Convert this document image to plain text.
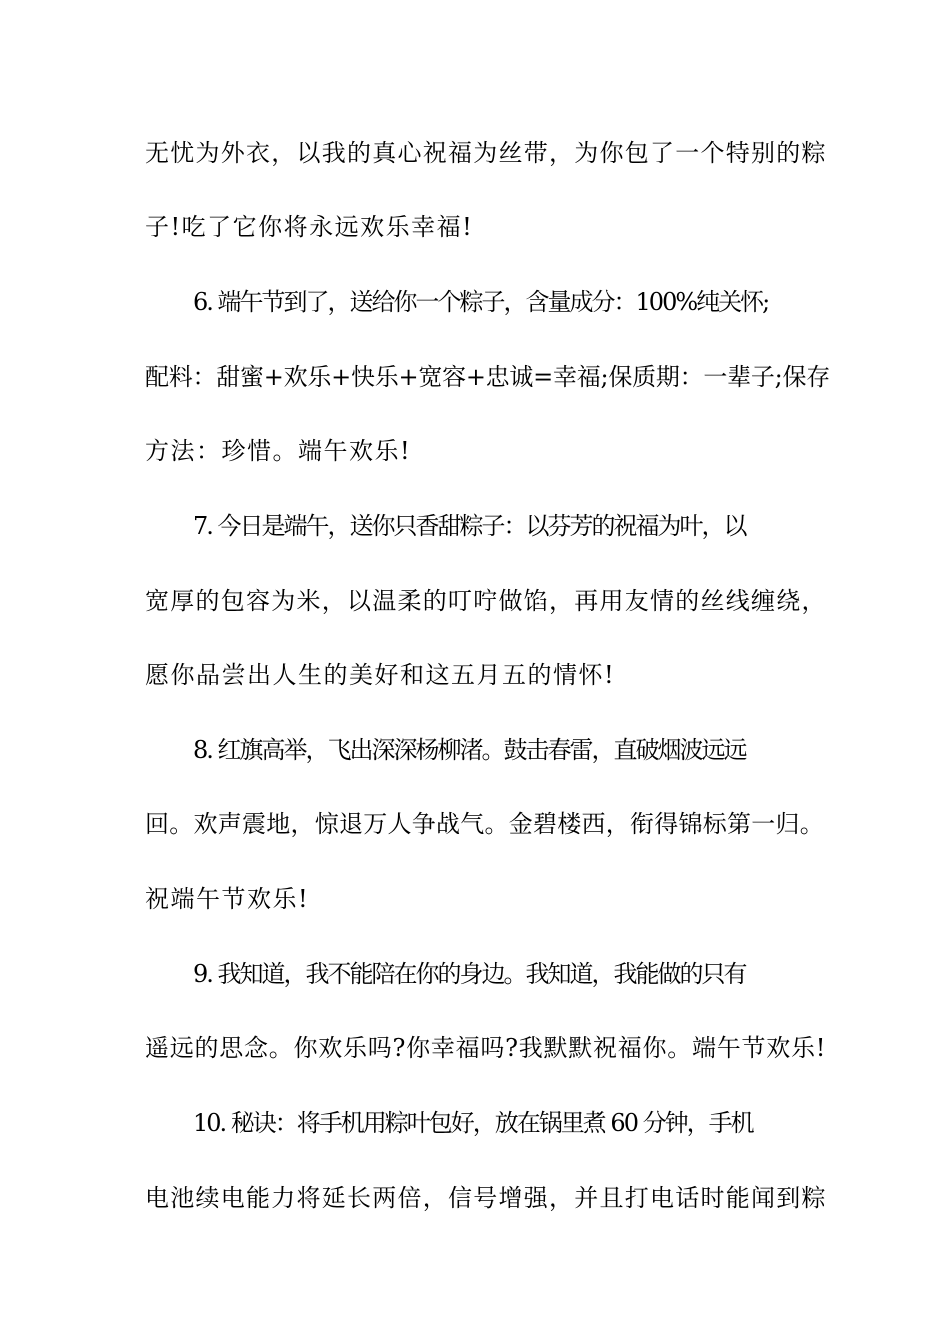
无忧为外衣，以我的真心祝福为丝带，为你包了一个特别的粽
子!吃了它你将永远欢乐幸福!
6. 端午节到了，送给你一个粽子，含量成分：100%纯关怀;
配料：甜蜜+欢乐+快乐+宽容+忠诚=幸福;保质期：一辈子;保存
方法：珍惜。端午欢乐!
7. 今日是端午，送你只香甜粽子：以芬芳的祝福为叶，以
宽厚的包容为米，以温柔的叮咛做馅，再用友情的丝线缠绕，
愿你品尝出人生的美好和这五月五的情怀!
8. 红旗高举，飞出深深杨柳渚。鼓击春雷，直破烟波远远
回。欢声震地，惊退万人争战气。金碧楼西，衔得锦标第一归。
祝端午节欢乐!
9. 我知道，我不能陪在你的身边。我知道，我能做的只有
遥远的思念。你欢乐吗?你幸福吗?我默默祝福你。端午节欢乐!
10. 秘诀：将手机用粽叶包好，放在锅里煮 60 分钟，手机
电池续电能力将延长两倍，信号增强，并且打电话时能闻到粽
